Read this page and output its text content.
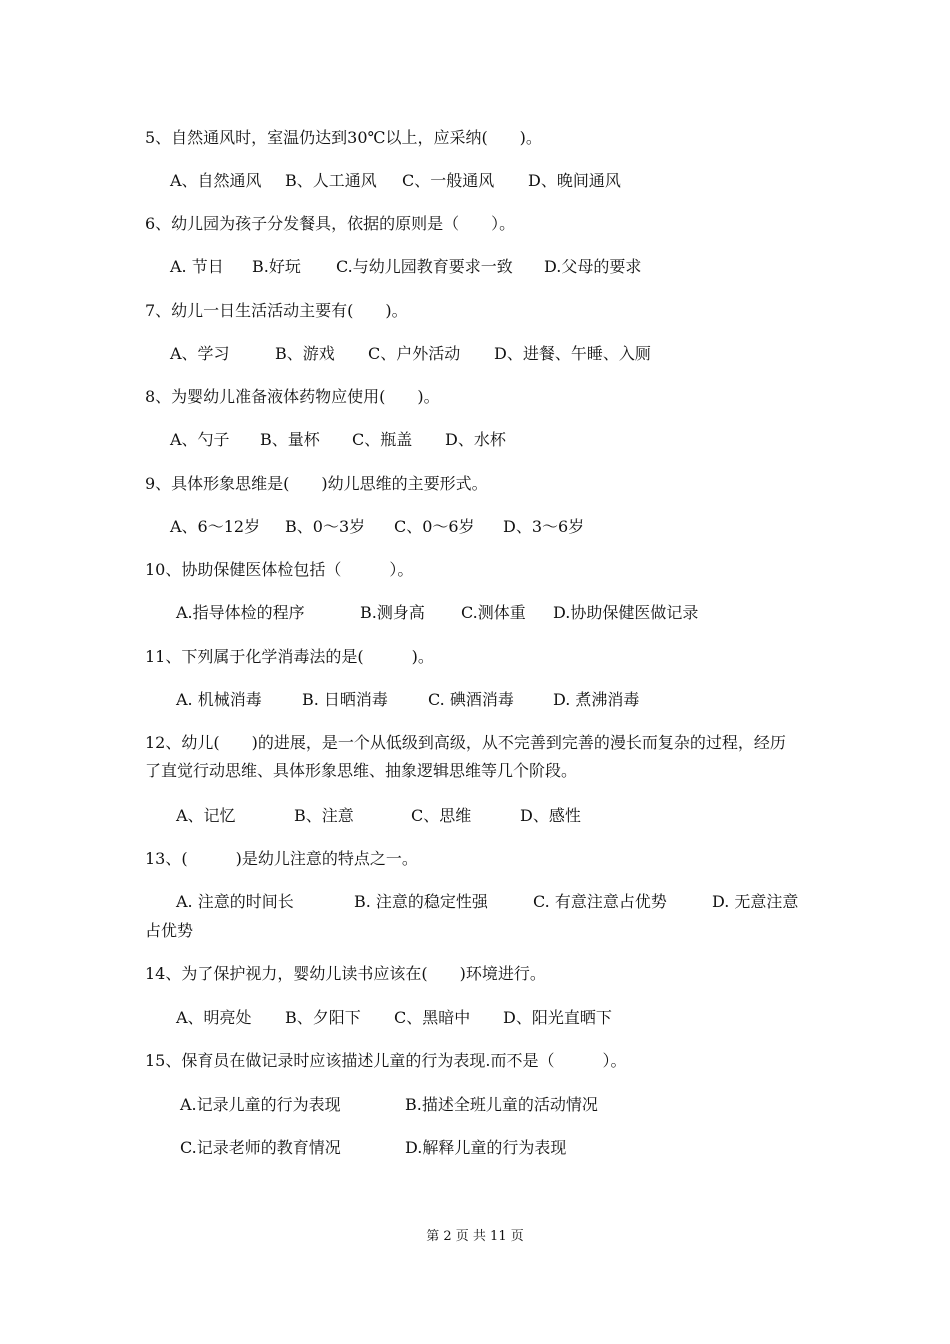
5、自然通风时，室温仍达到30℃以上，应采纳(　　)。
A、自然通风 B、人工通风 C、一般通风 D、晚间通风
6、幼儿园为孩子分发餐具，依据的原则是（　　）。
A. 节日 B.好玩 C.与幼儿园教育要求一致 D.父母的要求
7、幼儿一日生活活动主要有(　　)。
A、学习	B、游戏 C、户外活动 D、进餐、午睡、入厕
8、为婴幼儿准备液体药物应使用(　　)。
A、勺子 B、量杯 C、瓶盖 D、水杯
9、具体形象思维是(　　)幼儿思维的主要形式。
A、6～12岁 B、0～3岁 C、0～6岁 D、3～6岁
10、协助保健医体检包括（　　　）。
A.指导体检的程序	B.测身高 C.测体重 D.协助保健医做记录
11、下列属于化学消毒法的是(　　　)。
A. 机械消毒	B. 日晒消毒	C. 碘酒消毒 D. 煮沸消毒
12、幼儿(　　)的进展，是一个从低级到高级，从不完善到完善的漫长而复杂的过程，经历
了直觉行动思维、具体形象思维、抽象逻辑思维等几个阶段。
A、记忆	B、注意	C、思维	D、感性
13、(　　　)是幼儿注意的特点之一。
A. 注意的时间长	B. 注意的稳定性强	C. 有意注意占优势	D. 无意注意
占优势
14、为了保护视力，婴幼儿读书应该在(　　)环境进行。
A、明亮处 B、夕阳下 C、黑暗中 D、阳光直晒下
15、保育员在做记录时应该描述儿童的行为表现.而不是（　　　）。
A.记录儿童的行为表现	B.描述全班儿童的活动情况
C.记录老师的教育情况	D.解释儿童的行为表现
第 2 页 共 11 页
